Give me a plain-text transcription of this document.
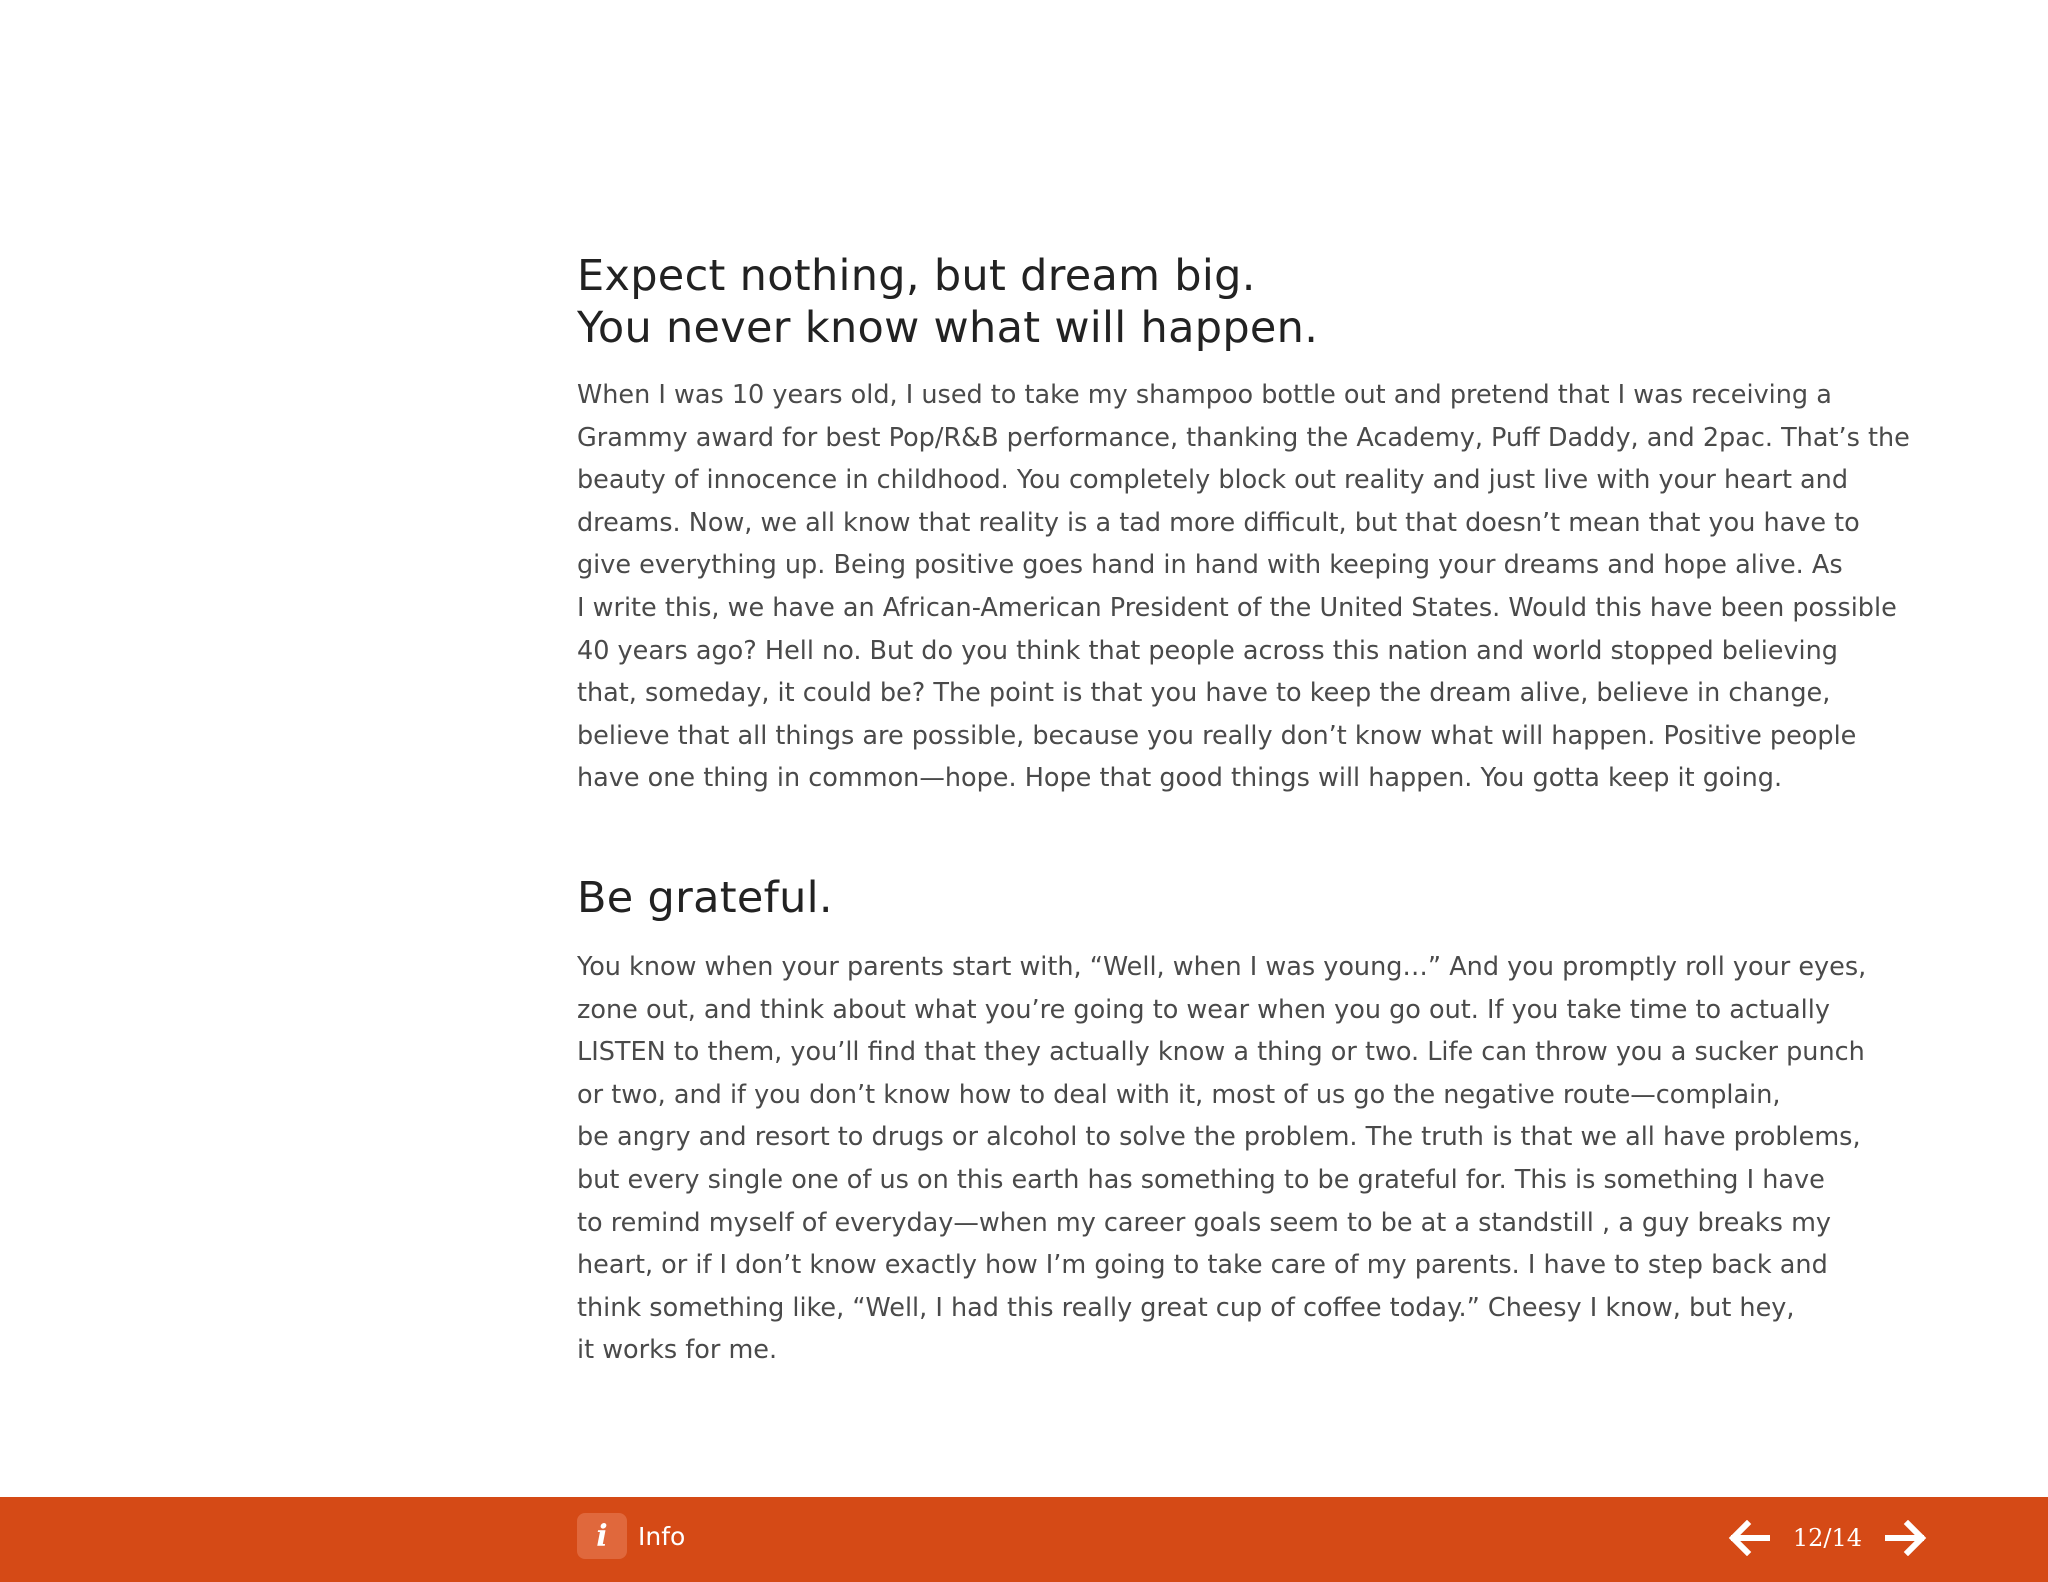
Expect nothing, but dream big.
You never know what will happen.

When I was 10 years old, I used to take my shampoo bottle out and pretend that I was receiving a
Grammy award for best Pop/R&B performance, thanking the Academy, Puff Daddy, and 2pac. That’s the
beauty of innocence in childhood. You completely block out reality and just live with your heart and
dreams. Now, we all know that reality is a tad more difficult, but that doesn’t mean that you have to
give everything up. Being positive goes hand in hand with keeping your dreams and hope alive. As
I write this, we have an African-American President of the United States. Would this have been possible
40 years ago? Hell no. But do you think that people across this nation and world stopped believing
that, someday, it could be? The point is that you have to keep the dream alive, believe in change,
believe that all things are possible, because you really don’t know what will happen. Positive people
have one thing in common—hope. Hope that good things will happen. You gotta keep it going.

Be grateful.

You know when your parents start with, “Well, when I was young…” And you promptly roll your eyes,
zone out, and think about what you’re going to wear when you go out. If you take time to actually
LISTEN to them, you’ll find that they actually know a thing or two. Life can throw you a sucker punch
or two, and if you don’t know how to deal with it, most of us go the negative route—complain,
be angry and resort to drugs or alcohol to solve the problem. The truth is that we all have problems,
but every single one of us on this earth has something to be grateful for. This is something I have
to remind myself of everyday—when my career goals seem to be at a standstill , a guy breaks my
heart, or if I don’t know exactly how I’m going to take care of my parents. I have to step back and
think something like, “Well, I had this really great cup of coffee today.” Cheesy I know, but hey,
it works for me.

i	Info	12/14
